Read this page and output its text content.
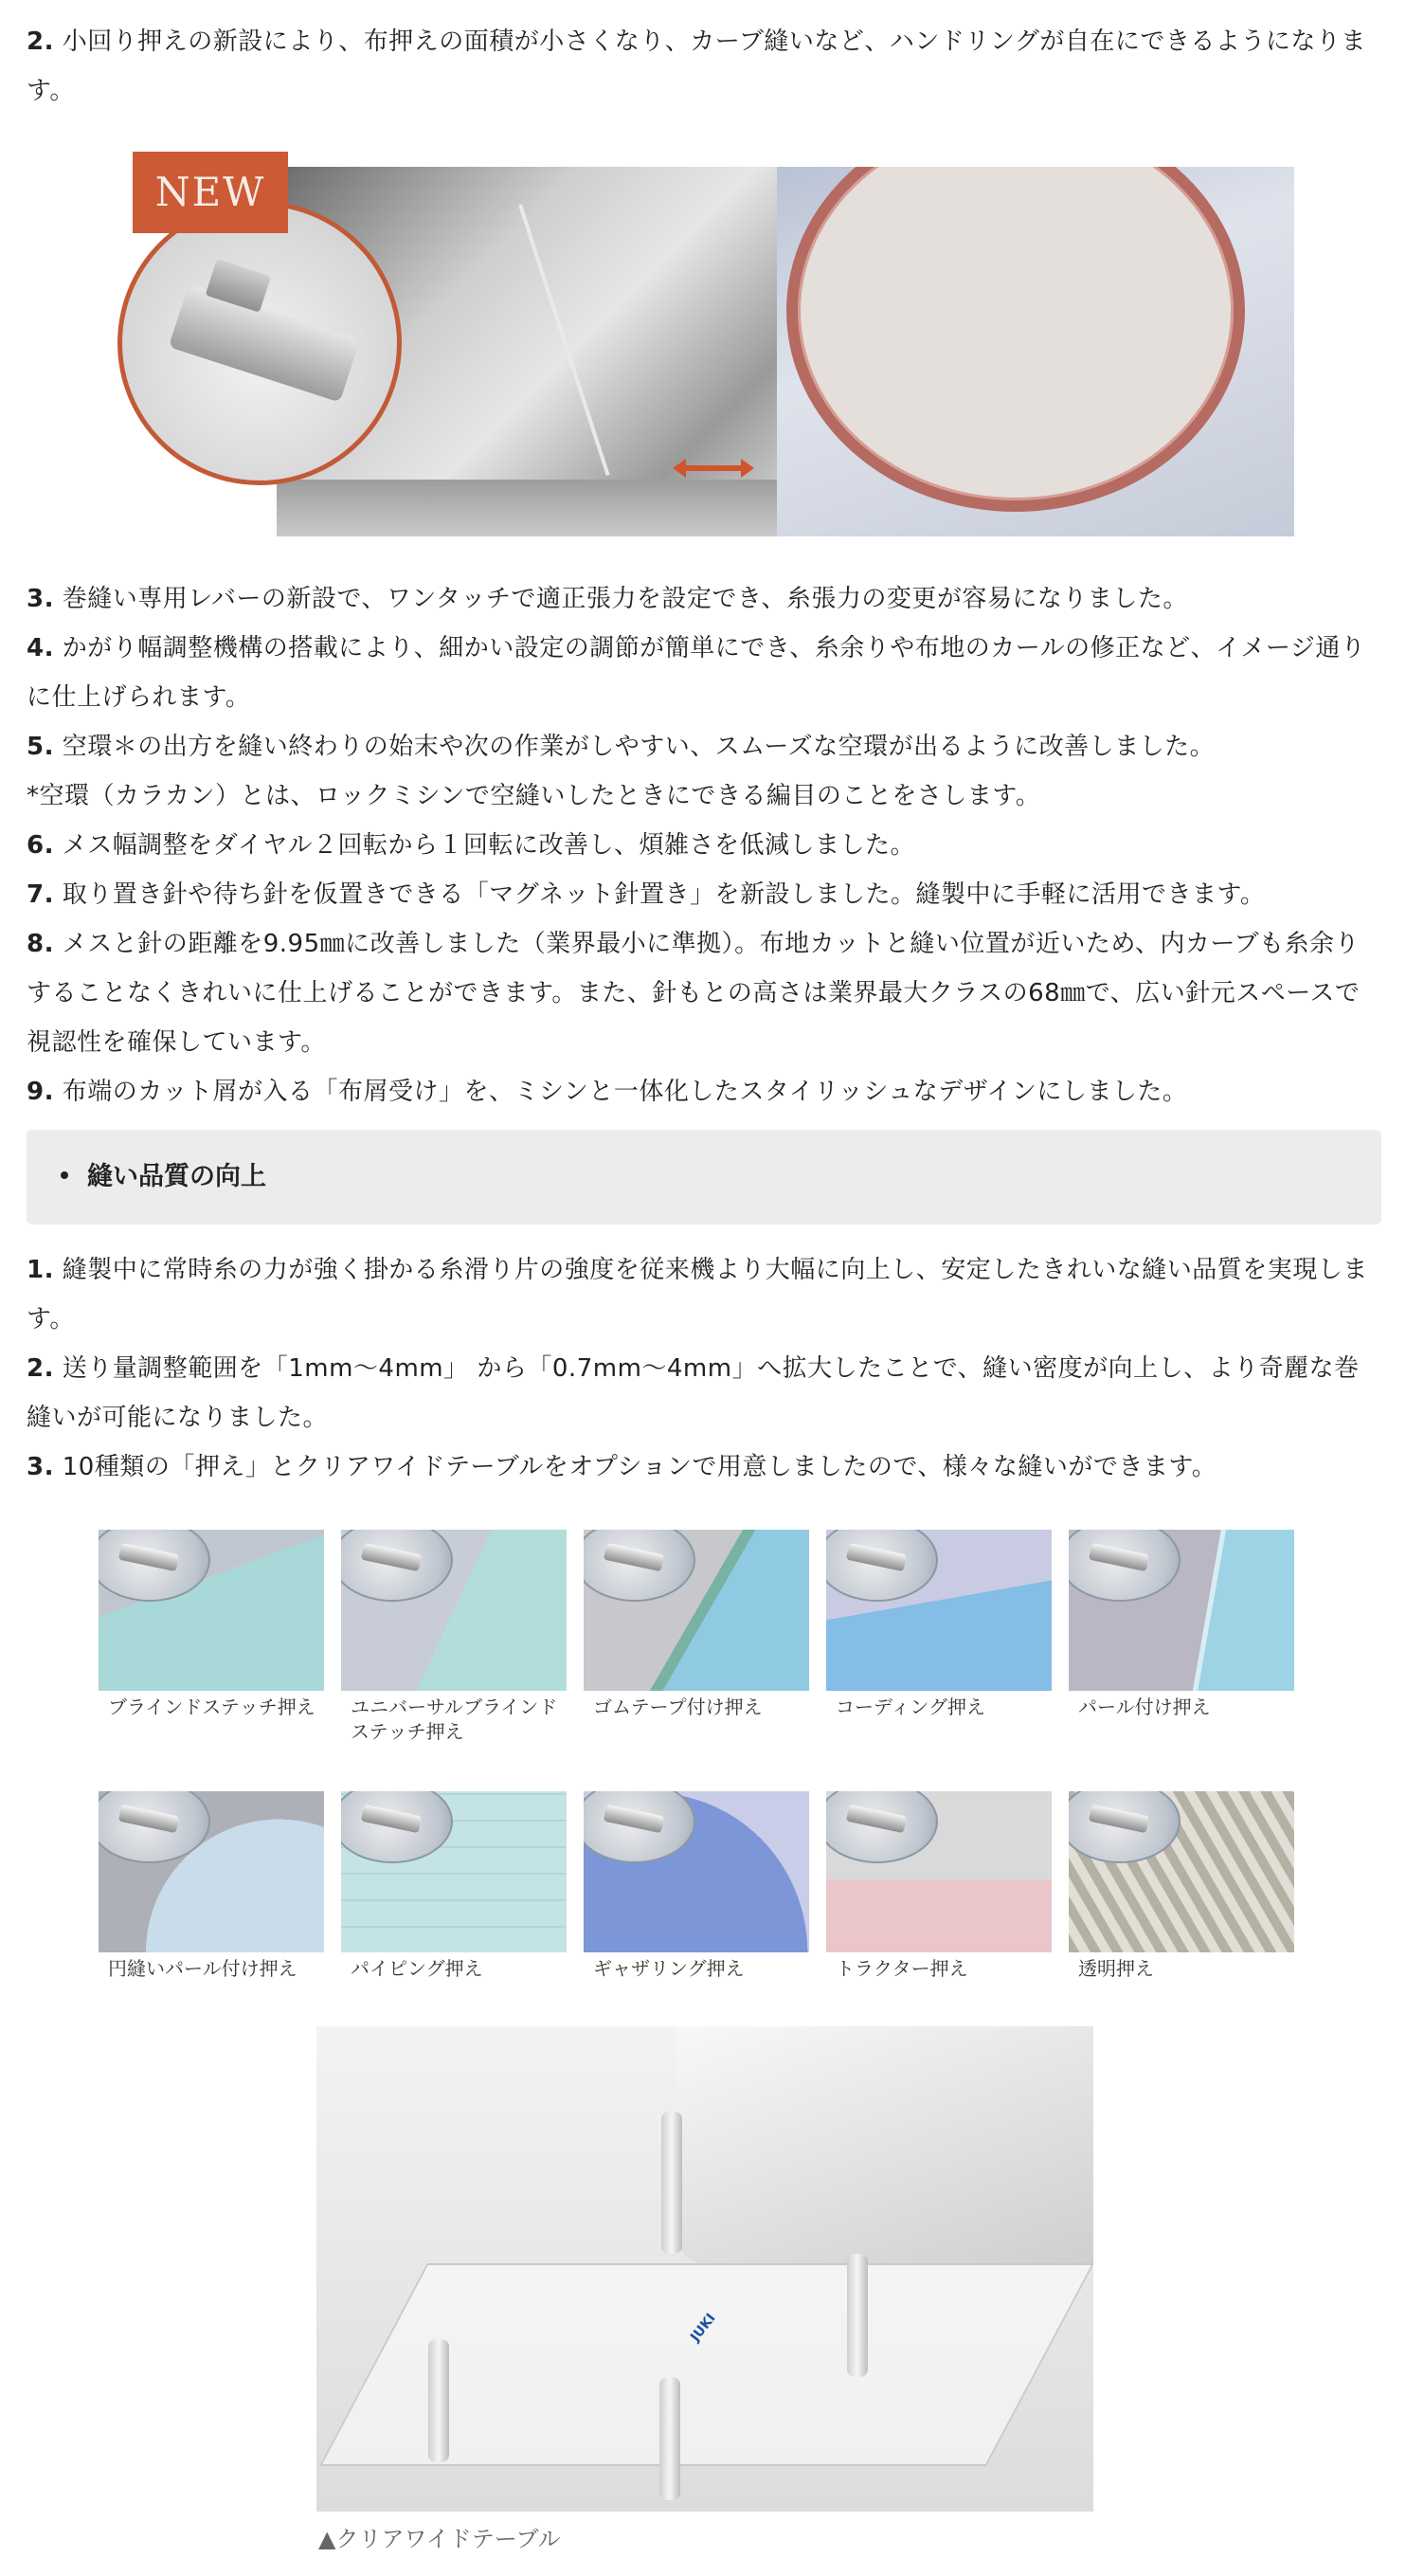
2. 小回り押えの新設により、布押えの面積が小さくなり、カーブ縫いなど、ハンドリングが自在にできるようになります。

NEW

3. 巻縫い専用レバーの新設で、ワンタッチで適正張力を設定でき、糸張力の変更が容易になりました。

4. かがり幅調整機構の搭載により、細かい設定の調節が簡単にでき、糸余りや布地のカールの修正など、イメージ通りに仕上げられます。

5. 空環＊の出方を縫い終わりの始末や次の作業がしやすい、スムーズな空環が出るように改善しました。

*空環（カラカン）とは、ロックミシンで空縫いしたときにできる編目のことをさします。

6. メス幅調整をダイヤル２回転から１回転に改善し、煩雑さを低減しました。

7. 取り置き針や待ち針を仮置きできる「マグネット針置き」を新設しました。縫製中に手軽に活用できます。

8. メスと針の距離を9.95㎜に改善しました（業界最小に準拠）。布地カットと縫い位置が近いため、内カーブも糸余りすることなくきれいに仕上げることができます。また、針もとの高さは業界最大クラスの68㎜で、広い針元スペースで視認性を確保しています。

9. 布端のカット屑が入る「布屑受け」を、ミシンと一体化したスタイリッシュなデザインにしました。

縫い品質の向上

1. 縫製中に常時糸の力が強く掛かる糸滑り片の強度を従来機より大幅に向上し、安定したきれいな縫い品質を実現します。

2. 送り量調整範囲を「1mm〜4mm」 から「0.7mm〜4mm」へ拡大したことで、縫い密度が向上し、より奇麗な巻縫いが可能になりました。

3. 10種類の「押え」とクリアワイドテーブルをオプションで用意しましたので、様々な縫いができます。

ブラインドステッチ押え ユニバーサルブラインド
ステッチ押え
ゴムテープ付け押え	コーディング押え	パール付け押え
円縫いパール付け押え	パイピング押え	ギャザリング押え	トラクター押え	透明押え
JUKI
▲クリアワイドテーブル
